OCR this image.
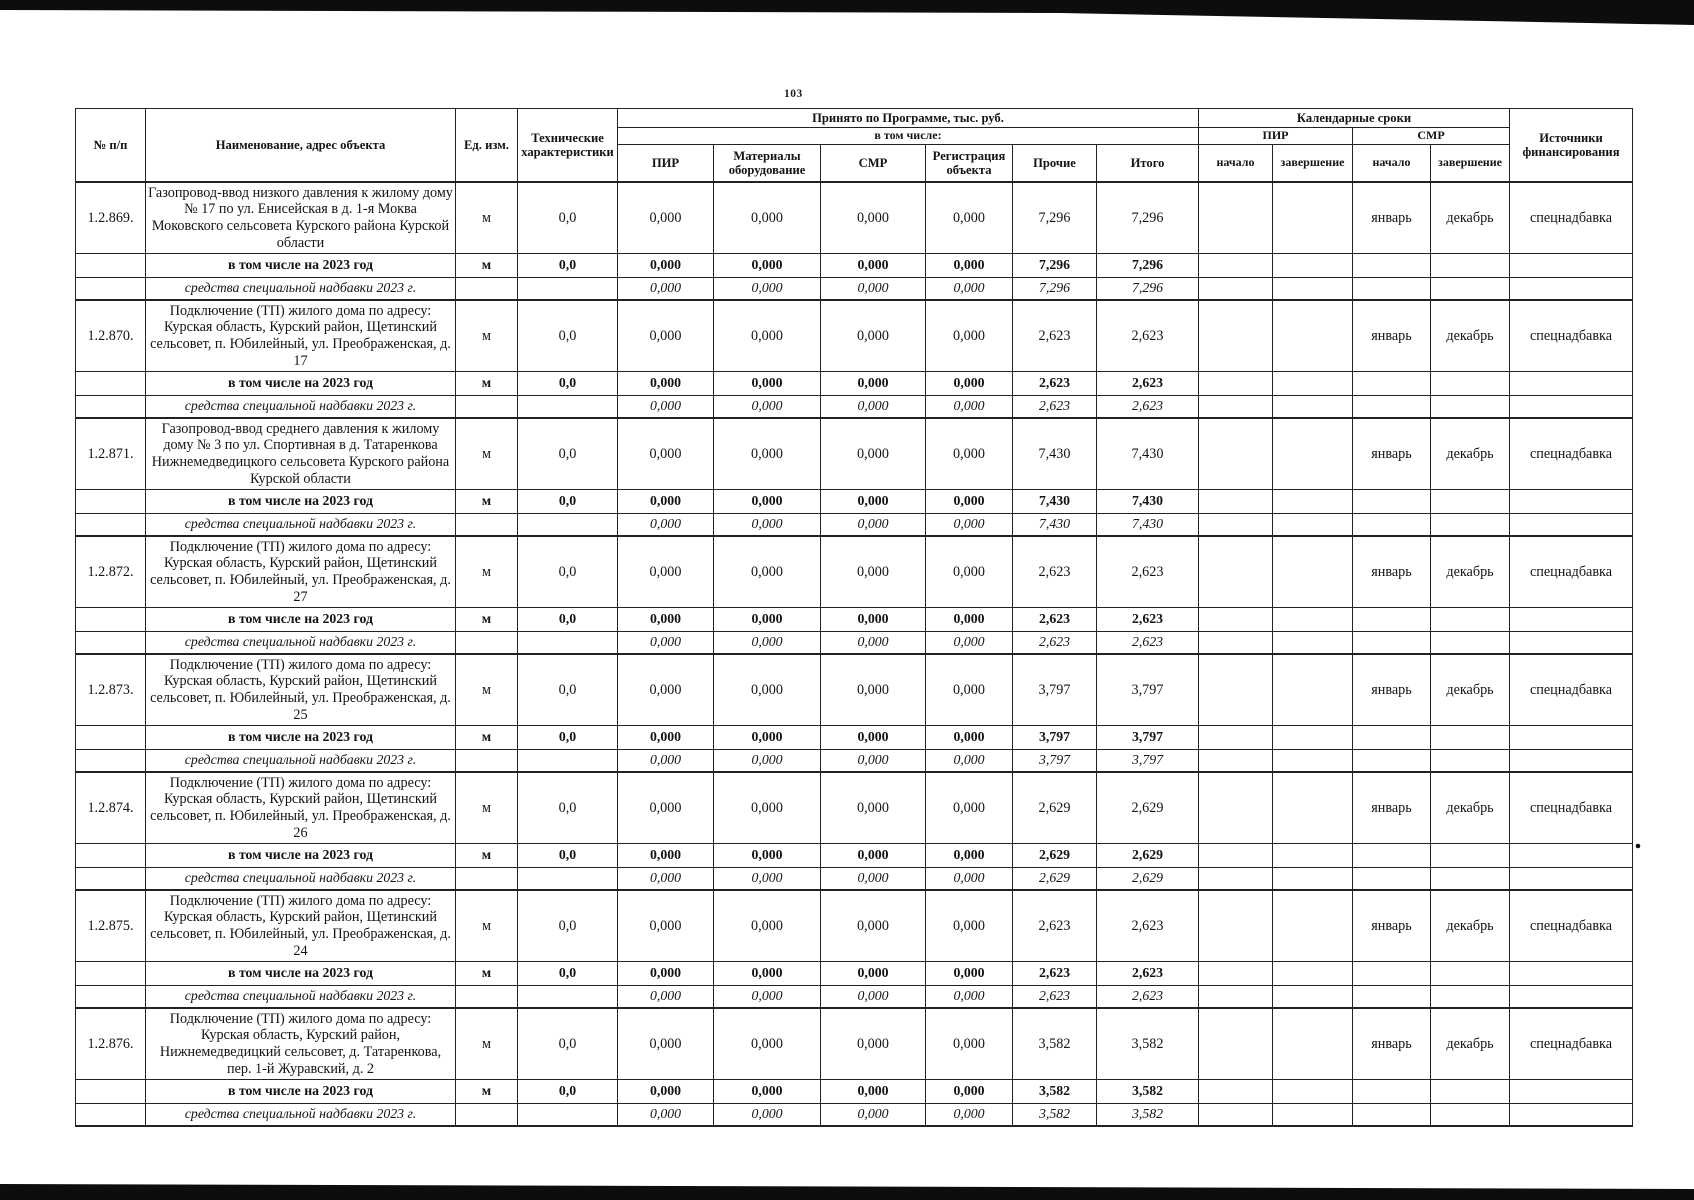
103
№ п/п	Наименование, адрес объекта	Ед. изм.	Технические характеристики	Принято по Программе, тыс. руб.						Календарные сроки				Источники финансирования
				в том числе:						ПИР		СМР		
				ПИР	Материалы оборудование	СМР	Регистрация объекта	Прочие	Итого	начало	завершение	начало	завершение	
1.2.869.	Газопровод-ввод низкого давления к жилому дому № 17 по ул. Енисейская в д. 1-я Моква Моковского сельсовета Курского района Курской области	м	0,0	0,000	0,000	0,000	0,000	7,296	7,296			январь	декабрь	спецнадбавка
	в том числе на 2023 год	м	0,0	0,000	0,000	0,000	0,000	7,296	7,296					
	средства специальной надбавки 2023 г.			0,000	0,000	0,000	0,000	7,296	7,296					
1.2.870.	Подключение (ТП) жилого дома по адресу: Курская область, Курский район, Щетинский сельсовет, п. Юбилейный, ул. Преображенская, д. 17	м	0,0	0,000	0,000	0,000	0,000	2,623	2,623			январь	декабрь	спецнадбавка
	в том числе на 2023 год	м	0,0	0,000	0,000	0,000	0,000	2,623	2,623					
	средства специальной надбавки 2023 г.			0,000	0,000	0,000	0,000	2,623	2,623					
1.2.871.	Газопровод-ввод среднего давления к жилому дому № 3 по ул. Спортивная в д. Татаренкова Нижнемедведицкого сельсовета Курского района Курской области	м	0,0	0,000	0,000	0,000	0,000	7,430	7,430			январь	декабрь	спецнадбавка
	в том числе на 2023 год	м	0,0	0,000	0,000	0,000	0,000	7,430	7,430					
	средства специальной надбавки 2023 г.			0,000	0,000	0,000	0,000	7,430	7,430					
1.2.872.	Подключение (ТП) жилого дома по адресу: Курская область, Курский район, Щетинский сельсовет, п. Юбилейный, ул. Преображенская, д. 27	м	0,0	0,000	0,000	0,000	0,000	2,623	2,623			январь	декабрь	спецнадбавка
	в том числе на 2023 год	м	0,0	0,000	0,000	0,000	0,000	2,623	2,623					
	средства специальной надбавки 2023 г.			0,000	0,000	0,000	0,000	2,623	2,623					
1.2.873.	Подключение (ТП) жилого дома по адресу: Курская область, Курский район, Щетинский сельсовет, п. Юбилейный, ул. Преображенская, д. 25	м	0,0	0,000	0,000	0,000	0,000	3,797	3,797			январь	декабрь	спецнадбавка
	в том числе на 2023 год	м	0,0	0,000	0,000	0,000	0,000	3,797	3,797					
	средства специальной надбавки 2023 г.			0,000	0,000	0,000	0,000	3,797	3,797					
1.2.874.	Подключение (ТП) жилого дома по адресу: Курская область, Курский район, Щетинский сельсовет, п. Юбилейный, ул. Преображенская, д. 26	м	0,0	0,000	0,000	0,000	0,000	2,629	2,629			январь	декабрь	спецнадбавка
	в том числе на 2023 год	м	0,0	0,000	0,000	0,000	0,000	2,629	2,629					
	средства специальной надбавки 2023 г.			0,000	0,000	0,000	0,000	2,629	2,629					
1.2.875.	Подключение (ТП) жилого дома по адресу: Курская область, Курский район, Щетинский сельсовет, п. Юбилейный, ул. Преображенская, д. 24	м	0,0	0,000	0,000	0,000	0,000	2,623	2,623			январь	декабрь	спецнадбавка
	в том числе на 2023 год	м	0,0	0,000	0,000	0,000	0,000	2,623	2,623					
	средства специальной надбавки 2023 г.			0,000	0,000	0,000	0,000	2,623	2,623					
1.2.876.	Подключение (ТП) жилого дома по адресу: Курская область, Курский район, Нижнемедведицкий сельсовет, д. Татаренкова, пер. 1-й Журавский, д. 2	м	0,0	0,000	0,000	0,000	0,000	3,582	3,582			январь	декабрь	спецнадбавка
	в том числе на 2023 год	м	0,0	0,000	0,000	0,000	0,000	3,582	3,582					
	средства специальной надбавки 2023 г.			0,000	0,000	0,000	0,000	3,582	3,582					
